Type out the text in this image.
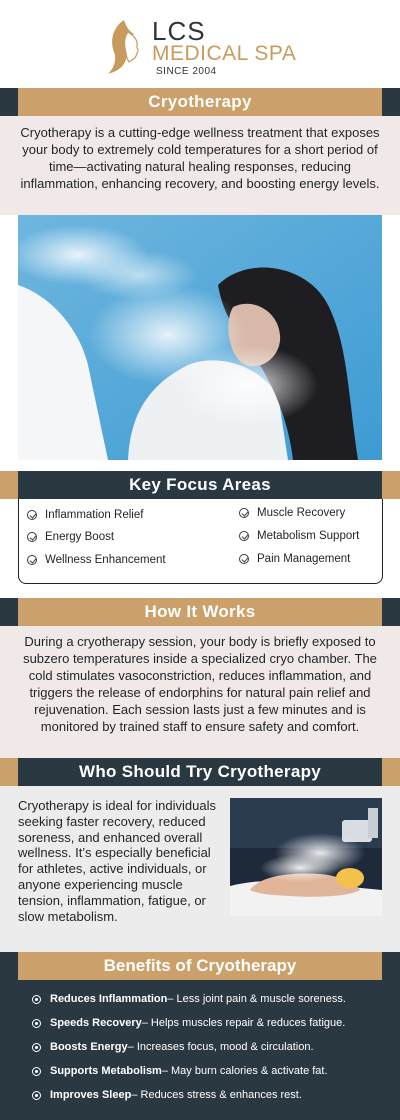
LCS
MEDICAL SPA
SINCE 2004
Cryotherapy

Cryotherapy is a cutting-edge wellness treatment that exposes your body to extremely cold temperatures for a short period of time—activating natural healing responses, reducing inflammation, enhancing recovery, and boosting energy levels.

Key Focus Areas
Inflammation Relief	Muscle Recovery
Energy Boost	Metabolism Support
Wellness Enhancement	Pain Management
How It Works

During a cryotherapy session, your body is briefly exposed to subzero temperatures inside a specialized cryo chamber. The cold stimulates vasoconstriction, reduces inflammation, and triggers the release of endorphins for natural pain relief and rejuvenation. Each session lasts just a few minutes and is monitored by trained staff to ensure safety and comfort.

Who Should Try Cryotherapy

Cryotherapy is ideal for individuals seeking faster recovery, reduced soreness, and enhanced overall wellness. It’s especially beneficial for athletes, active individuals, or anyone experiencing muscle tension, inflammation, fatigue, or slow metabolism.

Benefits of Cryotherapy
Reduces Inflammation – Less joint pain & muscle soreness.
Speeds Recovery – Helps muscles repair & reduces fatigue.
Boosts Energy – Increases focus, mood & circulation.
Supports Metabolism – May burn calories & activate fat.
Improves Sleep – Reduces stress & enhances rest.
